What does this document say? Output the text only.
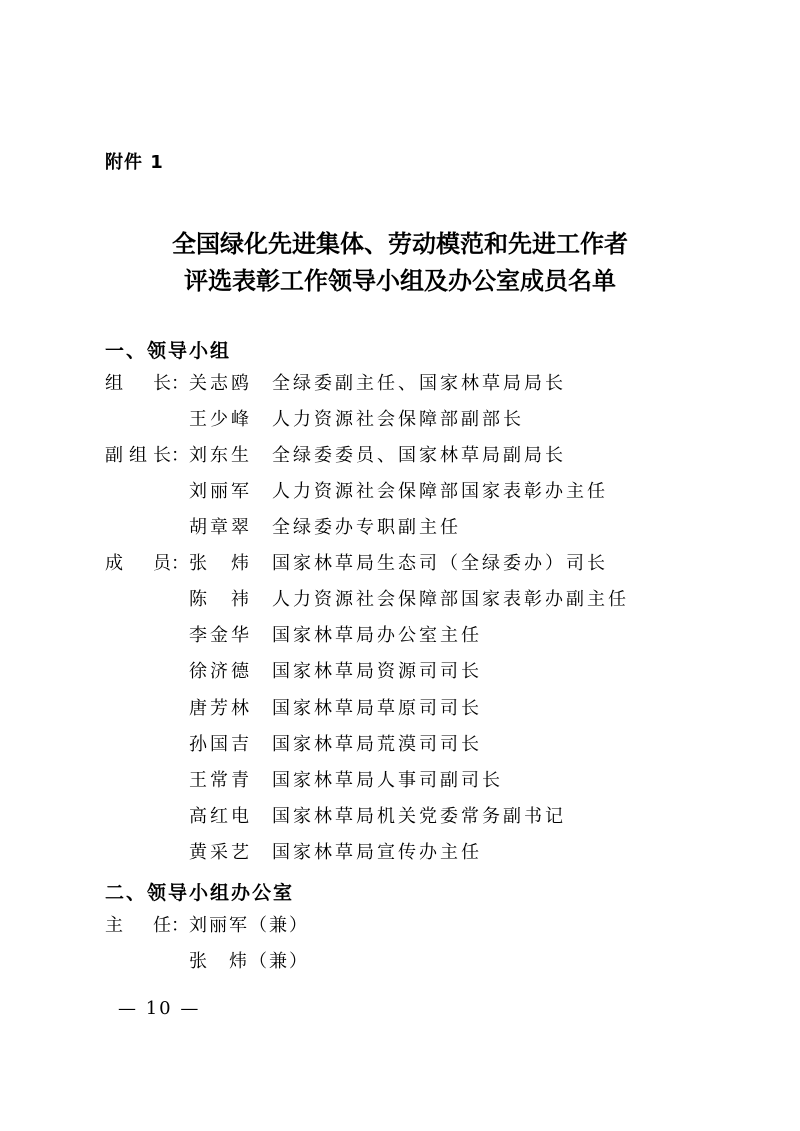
附件 1
全国绿化先进集体、劳动模范和先进工作者
评选表彰工作领导小组及办公室成员名单
一、领导小组
组 长： 关 志 鸥 全绿委副主任、国家林草局局长
王 少 峰 人力资源社会保障部副部长
副 组 长： 刘 东 生 全绿委委员、国家林草局副局长
刘 丽 军 人力资源社会保障部国家表彰办主任
胡 章 翠 全绿委办专职副主任
成 员： 张 炜 国家林草局生态司（全绿委办）司长
陈 祎 人力资源社会保障部国家表彰办副主任
李 金 华 国家林草局办公室主任
徐 济 德 国家林草局资源司司长
唐 芳 林 国家林草局草原司司长
孙 国 吉 国家林草局荒漠司司长
王 常 青 国家林草局人事司副司长
高 红 电 国家林草局机关党委常务副书记
黄 采 艺 国家林草局宣传办主任
二、领导小组办公室
主 任： 刘丽军（兼）
张　炜（兼）
— 10 —
